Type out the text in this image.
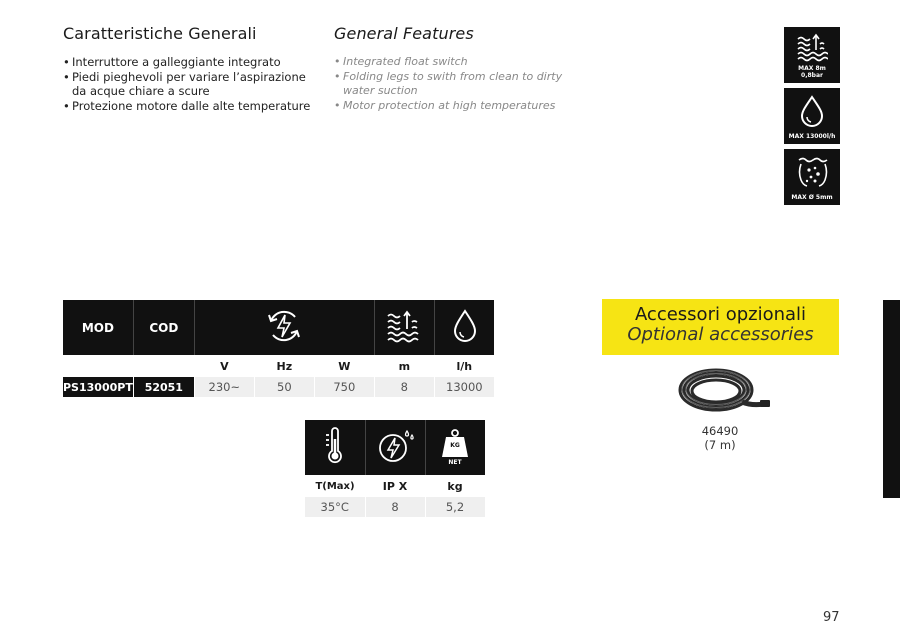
Caratteristiche Generali
• Interruttore a galleggiante integrato
• Piedi pieghevoli per variare l’aspirazione da acque chiare a scure
• Protezione motore dalle alte temperature
General Features
• Integrated float switch
• Folding legs to swith from clean to dirty water suction
• Motor protection at high temperatures
MAX 8m
0,8bar
MAX 13000l/h
MAX Ø 5mm
MOD	COD			
		V	Hz	W	m	l/h
PS13000PT	52051	230~	50	750	8	13000

KG
NET

T(Max)	IP X	kg
35°C	8	5,2
Accessori opzionali
Optional accessories
46490
(7 m)
97
